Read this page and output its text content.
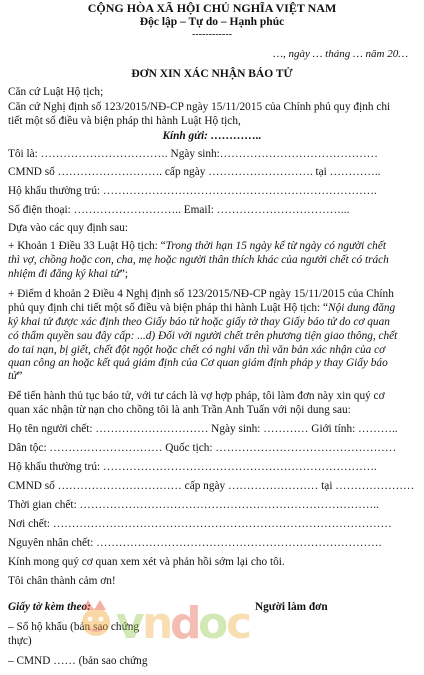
CỘNG HÒA XÃ HỘI CHỦ NGHĨA VIỆT NAM
Độc lập – Tự do – Hạnh phúc
------------
…, ngày … tháng … năm 20…
ĐƠN XIN XÁC NHẬN BÁO TỬ
Căn cứ Luật Hộ tịch;
Căn cứ Nghị định số 123/2015/NĐ-CP ngày 15/11/2015 của Chính phủ quy định chi
tiết một số điều và biện pháp thi hành Luật Hộ tịch,
Kính gửi: …………..
Tôi là: ……………………………. Ngày sinh:……………………………………
CMND số ………………………. cấp ngày ………………………. tại …………..
Hộ khẩu thường trú: ……………………………………………………………….
Số điện thoại: ……………………….. Email: ……………………………...
Dựa vào các quy định sau:
+ Khoản 1 Điều 33 Luật Hộ tịch: “Trong thời hạn 15 ngày kể từ ngày có người chết
thì vợ, chồng hoặc con, cha, mẹ hoặc người thân thích khác của người chết có trách
nhiệm đi đăng ký khai tử”;
+ Điểm d khoản 2 Điều 4 Nghị định số 123/2015/NĐ-CP ngày 15/11/2015 của Chính
phủ quy định chi tiết một số điều và biện pháp thi hành Luật Hộ tịch: “Nội dung đăng
ký khai tử được xác định theo Giấy báo tử hoặc giấy tờ thay Giấy báo tử do cơ quan
có thẩm quyền sau đây cấp: ...d) Đối với người chết trên phương tiện giao thông, chết
do tai nạn, bị giết, chết đột ngột hoặc chết có nghi vấn thì văn bản xác nhận của cơ
quan công an hoặc kết quả giám định của Cơ quan giám định pháp y thay Giấy báo
tử”
Để tiến hành thủ tục báo tử, với tư cách là vợ hợp pháp, tôi làm đơn này xin quý cơ
quan xác nhận từ nạn cho chồng tôi là anh Trần Anh Tuấn với nội dung sau:
Họ tên người chết: ………………………… Ngày sinh: ………… Giới tính: ………..
Dân tộc: ………………………… Quốc tịch: …………………………………………
Hộ khẩu thường trú: ……………………………………………………………….
CMND số …………………………… cấp ngày …………………… tại …………………
Thời gian chết: ……………………………………………………………………..
Nơi chết: ………………………………………………………………………………
Nguyên nhân chết: ………………………………………………………………….
Kính mong quý cơ quan xem xét và phản hồi sớm lại cho tôi.
Tôi chân thành cảm ơn!
Giấy tờ kèm theo:	Người làm đơn
– Sổ hộ khẩu (bản sao chứng
thực)
– CMND …… (bản sao chứng
v
n
d
o
c
